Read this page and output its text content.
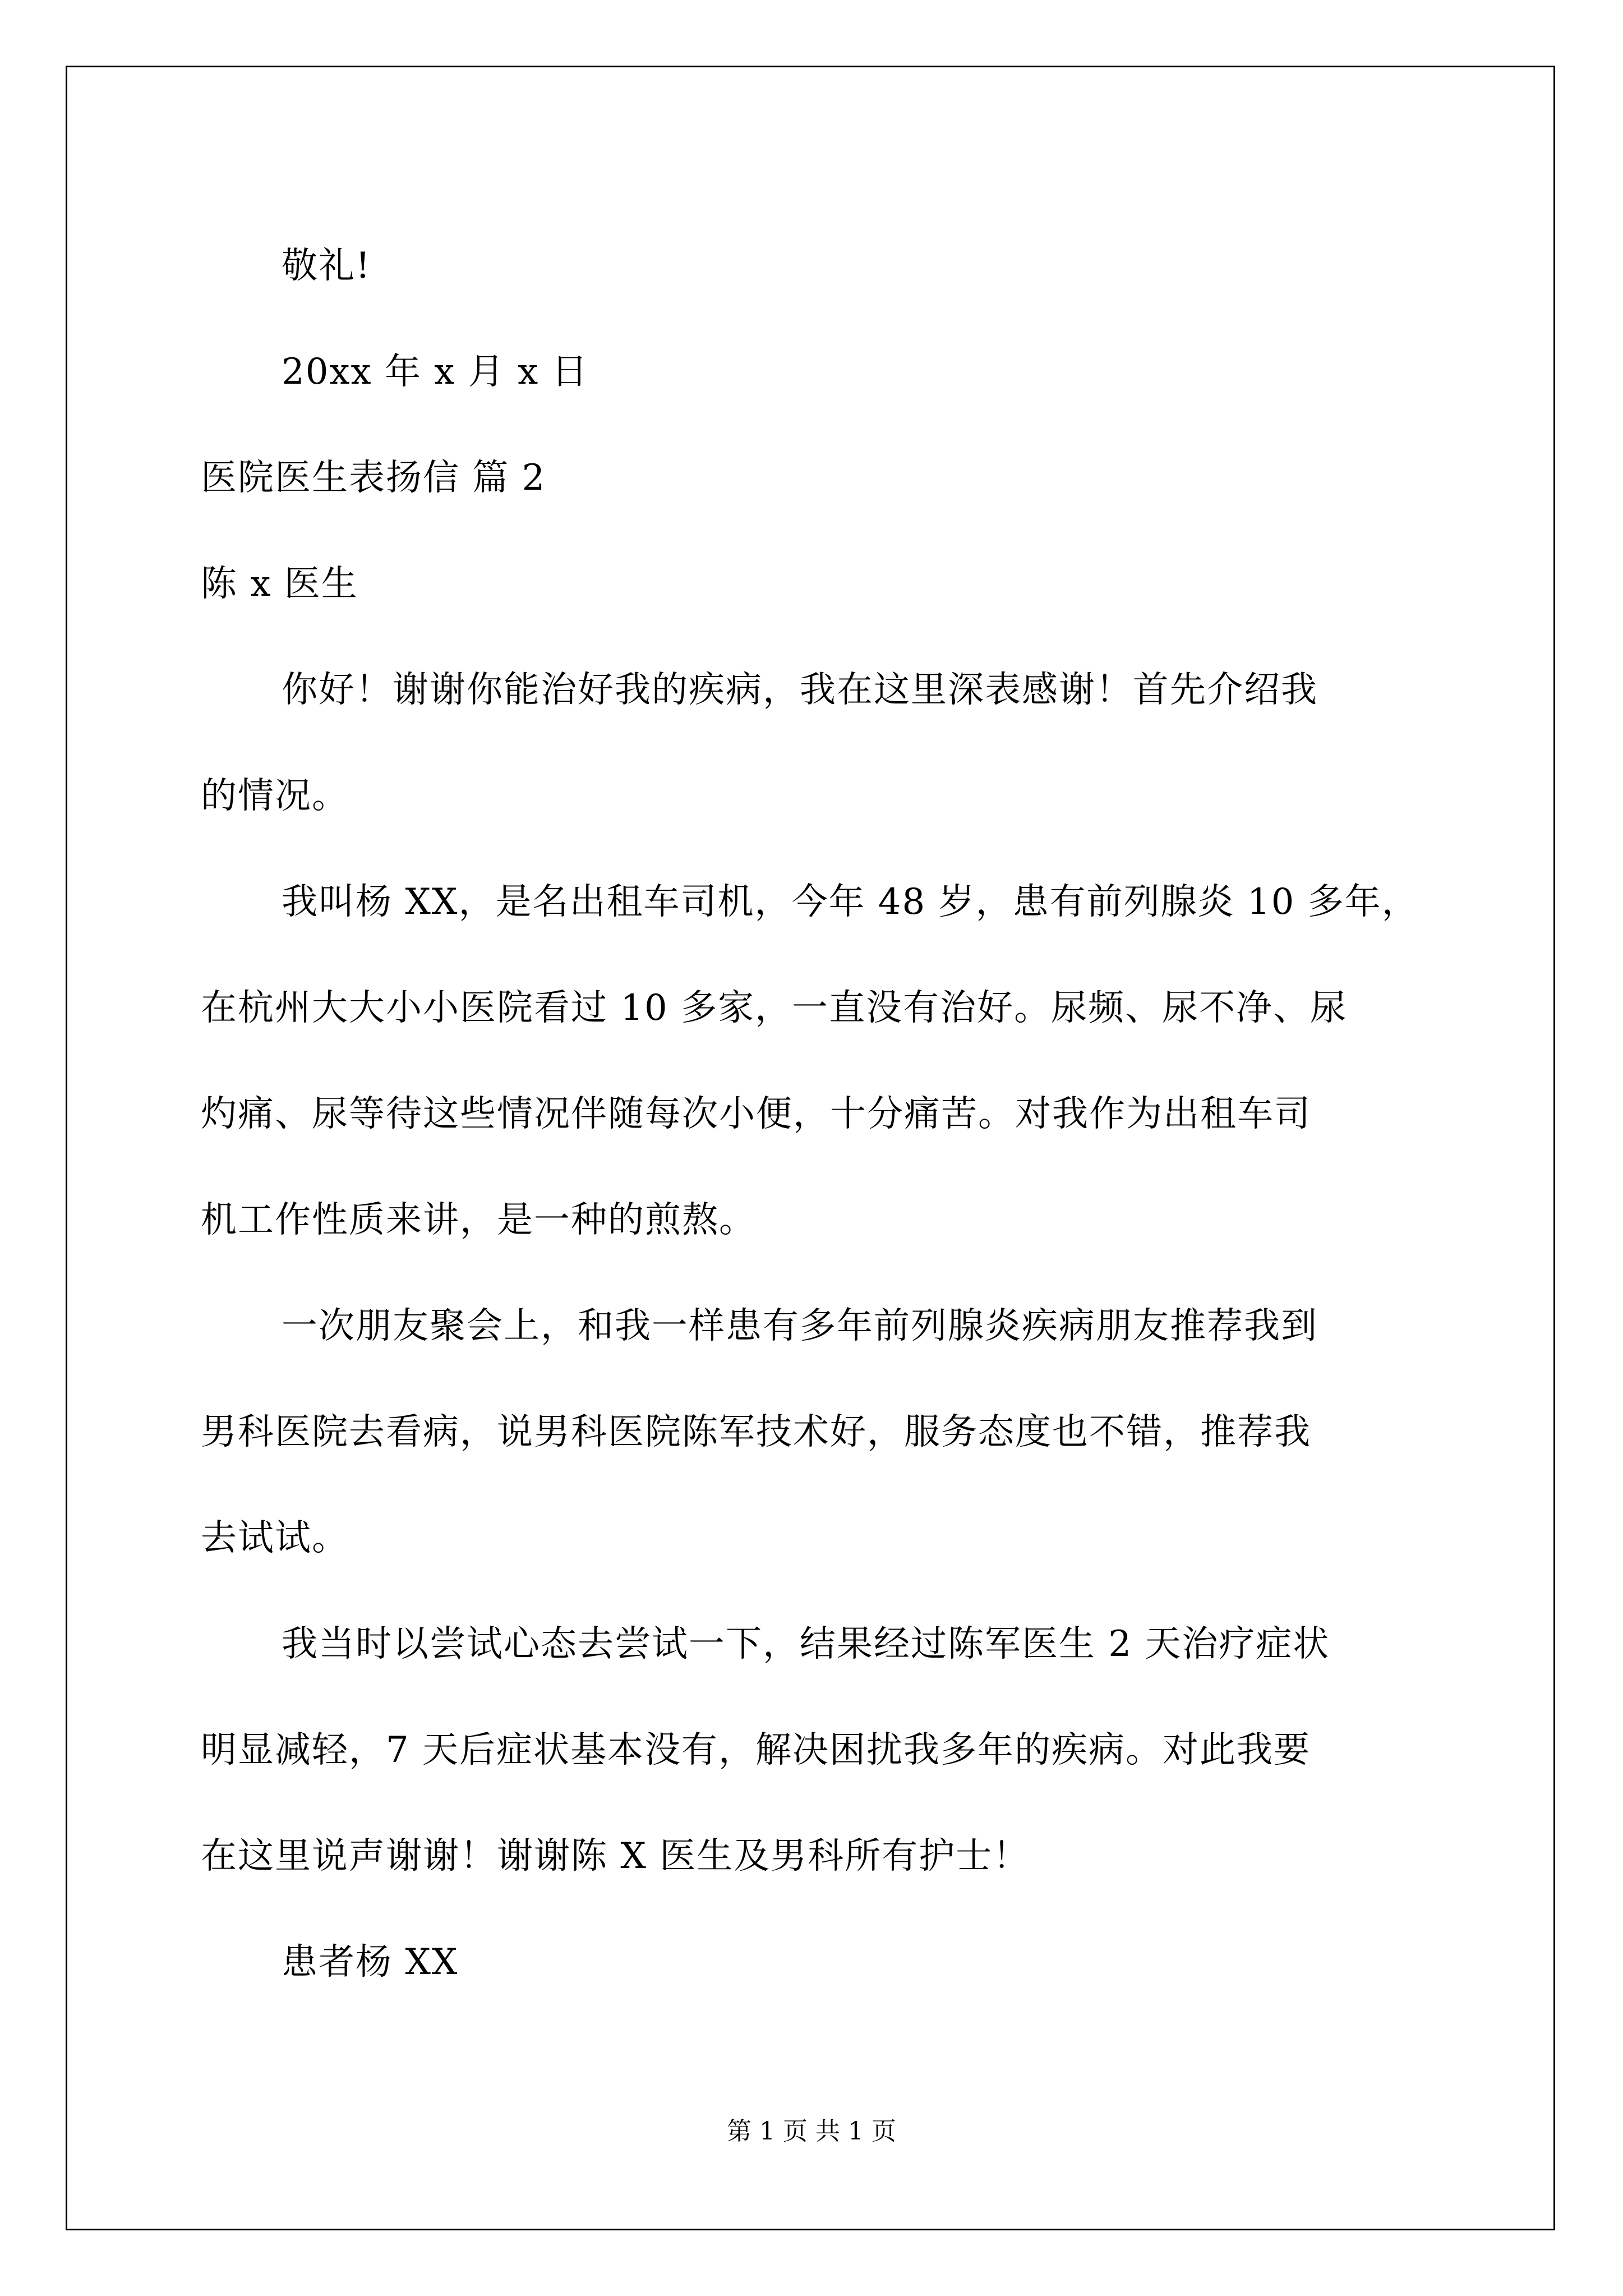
敬礼!
20xx 年 x 月 x 日
医院医生表扬信 篇 2
陈 x 医生
你好！谢谢你能治好我的疾病，我在这里深表感谢！首先介绍我
的情况。
我叫杨 XX，是名出租车司机，今年 48 岁，患有前列腺炎 10 多年，
在杭州大大小小医院看过 10 多家，一直没有治好。尿频、尿不净、尿
灼痛、尿等待这些情况伴随每次小便，十分痛苦。对我作为出租车司
机工作性质来讲，是一种的煎熬。
一次朋友聚会上，和我一样患有多年前列腺炎疾病朋友推荐我到
男科医院去看病，说男科医院陈军技术好，服务态度也不错，推荐我
去试试。
我当时以尝试心态去尝试一下，结果经过陈军医生 2 天治疗症状
明显减轻，7 天后症状基本没有，解决困扰我多年的疾病。对此我要
在这里说声谢谢！谢谢陈 X 医生及男科所有护士！
患者杨 XX
第 1 页 共 1 页
